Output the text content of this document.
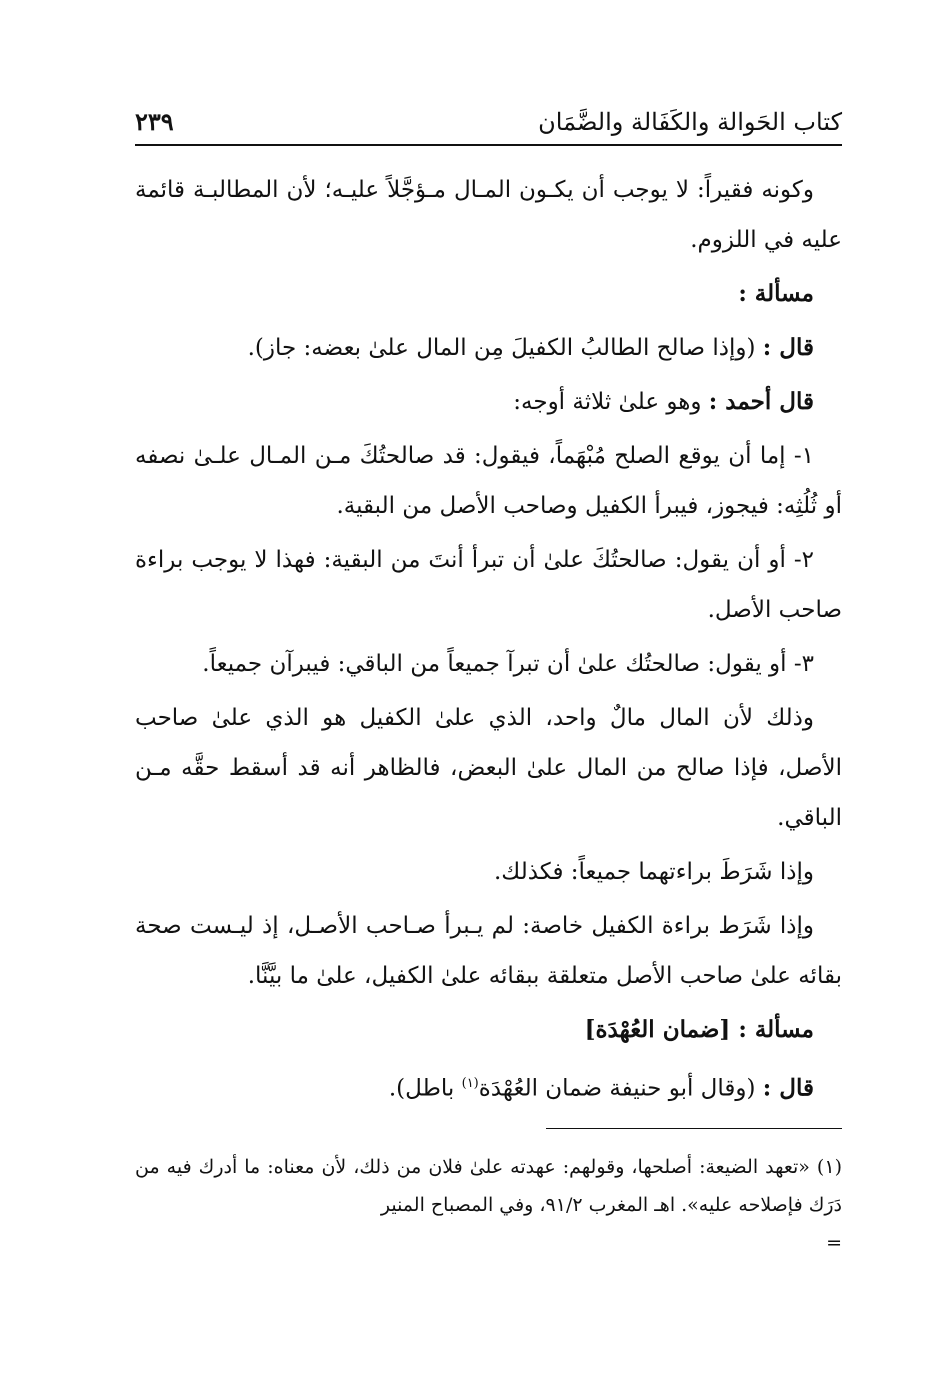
كتاب الحَوالة والكَفَالة والضَّمَان
٢٣٩

وكونه فقيراً: لا يوجب أن يكـون المـال مـؤجَّلاً عليـه؛ لأن المطالبـة قائمة عليه في اللزوم.

مسألة :

قال : (وإذا صالح الطالبُ الكفيلَ مِن المال علىٰ بعضه: جاز).

قال أحمد : وهو علىٰ ثلاثة أوجه:

١- إما أن يوقع الصلح مُبْهَماً، فيقول: قد صالحتُكَ مـن المـال علـىٰ نصفه أو ثُلُثِه: فيجوز، فيبرأ الكفيل وصاحب الأصل من البقية.

٢- أو أن يقول: صالحتُكَ علىٰ أن تبرأ أنتَ من البقية: فهذا لا يوجب براءة صاحب الأصل.

٣- أو يقول: صالحتُك علىٰ أن تبرآ جميعاً من الباقي: فيبرآن جميعاً.

وذلك لأن المال مالٌ واحد، الذي علىٰ الكفيل هو الذي علىٰ صاحب الأصل، فإذا صالح من المال علىٰ البعض، فالظاهر أنه قد أسقط حقَّه مـن الباقي.

وإذا شَرَطَ براءتهما جميعاً: فكذلك.

وإذا شَرَط براءة الكفيل خاصة: لم يـبرأ صـاحب الأصـل، إذ ليـست صحة بقائه علىٰ صاحب الأصل متعلقة ببقائه علىٰ الكفيل، علىٰ ما بيَّنَّا.

مسألة : [ضمان العُهْدَة]

قال : (وقال أبو حنيفة ضمان العُهْدَة$^{(١)}$ باطل).

(١) «تعهد الضيعة: أصلحها، وقولهم: عهدته علىٰ فلان من ذلك، لأن معناه: ما أدرك فيه من دَرَك فإصلاحه عليه». اهـ المغرب ٩١/٢، وفي المصباح المنير

=
